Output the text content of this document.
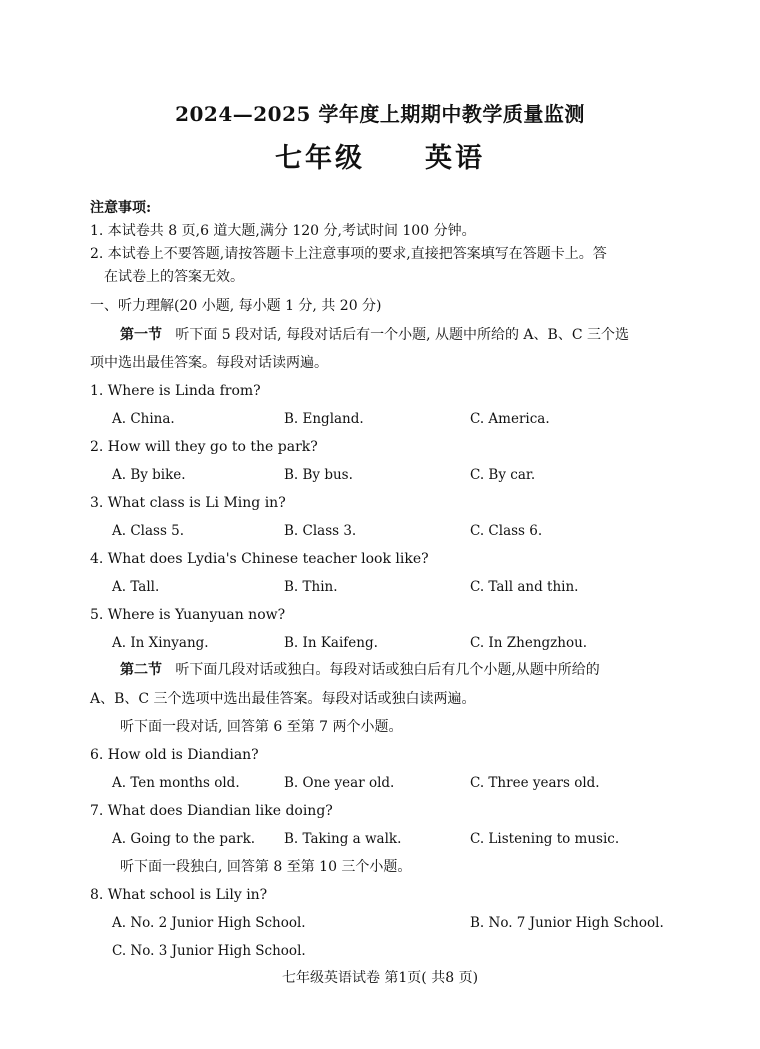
2024—2025 学年度上期期中教学质量监测
七年级 英语
注意事项:
1. 本试卷共 8 页,6 道大题,满分 120 分,考试时间 100 分钟。
2. 本试卷上不要答题,请按答题卡上注意事项的要求,直接把答案填写在答题卡上。答
在试卷上的答案无效。
一、听力理解(20 小题, 每小题 1 分, 共 20 分)
第一节 听下面 5 段对话, 每段对话后有一个小题, 从题中所给的 A、B、C 三个选
项中选出最佳答案。每段对话读两遍。
1. Where is Linda from?
A. China.	B. England.	C. America.
2. How will they go to the park?
A. By bike.	B. By bus.	C. By car.
3. What class is Li Ming in?
A. Class 5.	B. Class 3.	C. Class 6.
4. What does Lydia's Chinese teacher look like?
A. Tall.	B. Thin.	C. Tall and thin.
5. Where is Yuanyuan now?
A. In Xinyang.	B. In Kaifeng.	C. In Zhengzhou.
第二节 听下面几段对话或独白。每段对话或独白后有几个小题,从题中所给的
A、B、C 三个选项中选出最佳答案。每段对话或独白读两遍。
听下面一段对话, 回答第 6 至第 7 两个小题。
6. How old is Diandian?
A. Ten months old.	B. One year old.	C. Three years old.
7. What does Diandian like doing?
A. Going to the park. B. Taking a walk.	C. Listening to music.
听下面一段独白, 回答第 8 至第 10 三个小题。
8. What school is Lily in?
A. No. 2 Junior High School.	B. No. 7 Junior High School.
C. No. 3 Junior High School.
七年级英语试卷 第1页( 共8 页)
